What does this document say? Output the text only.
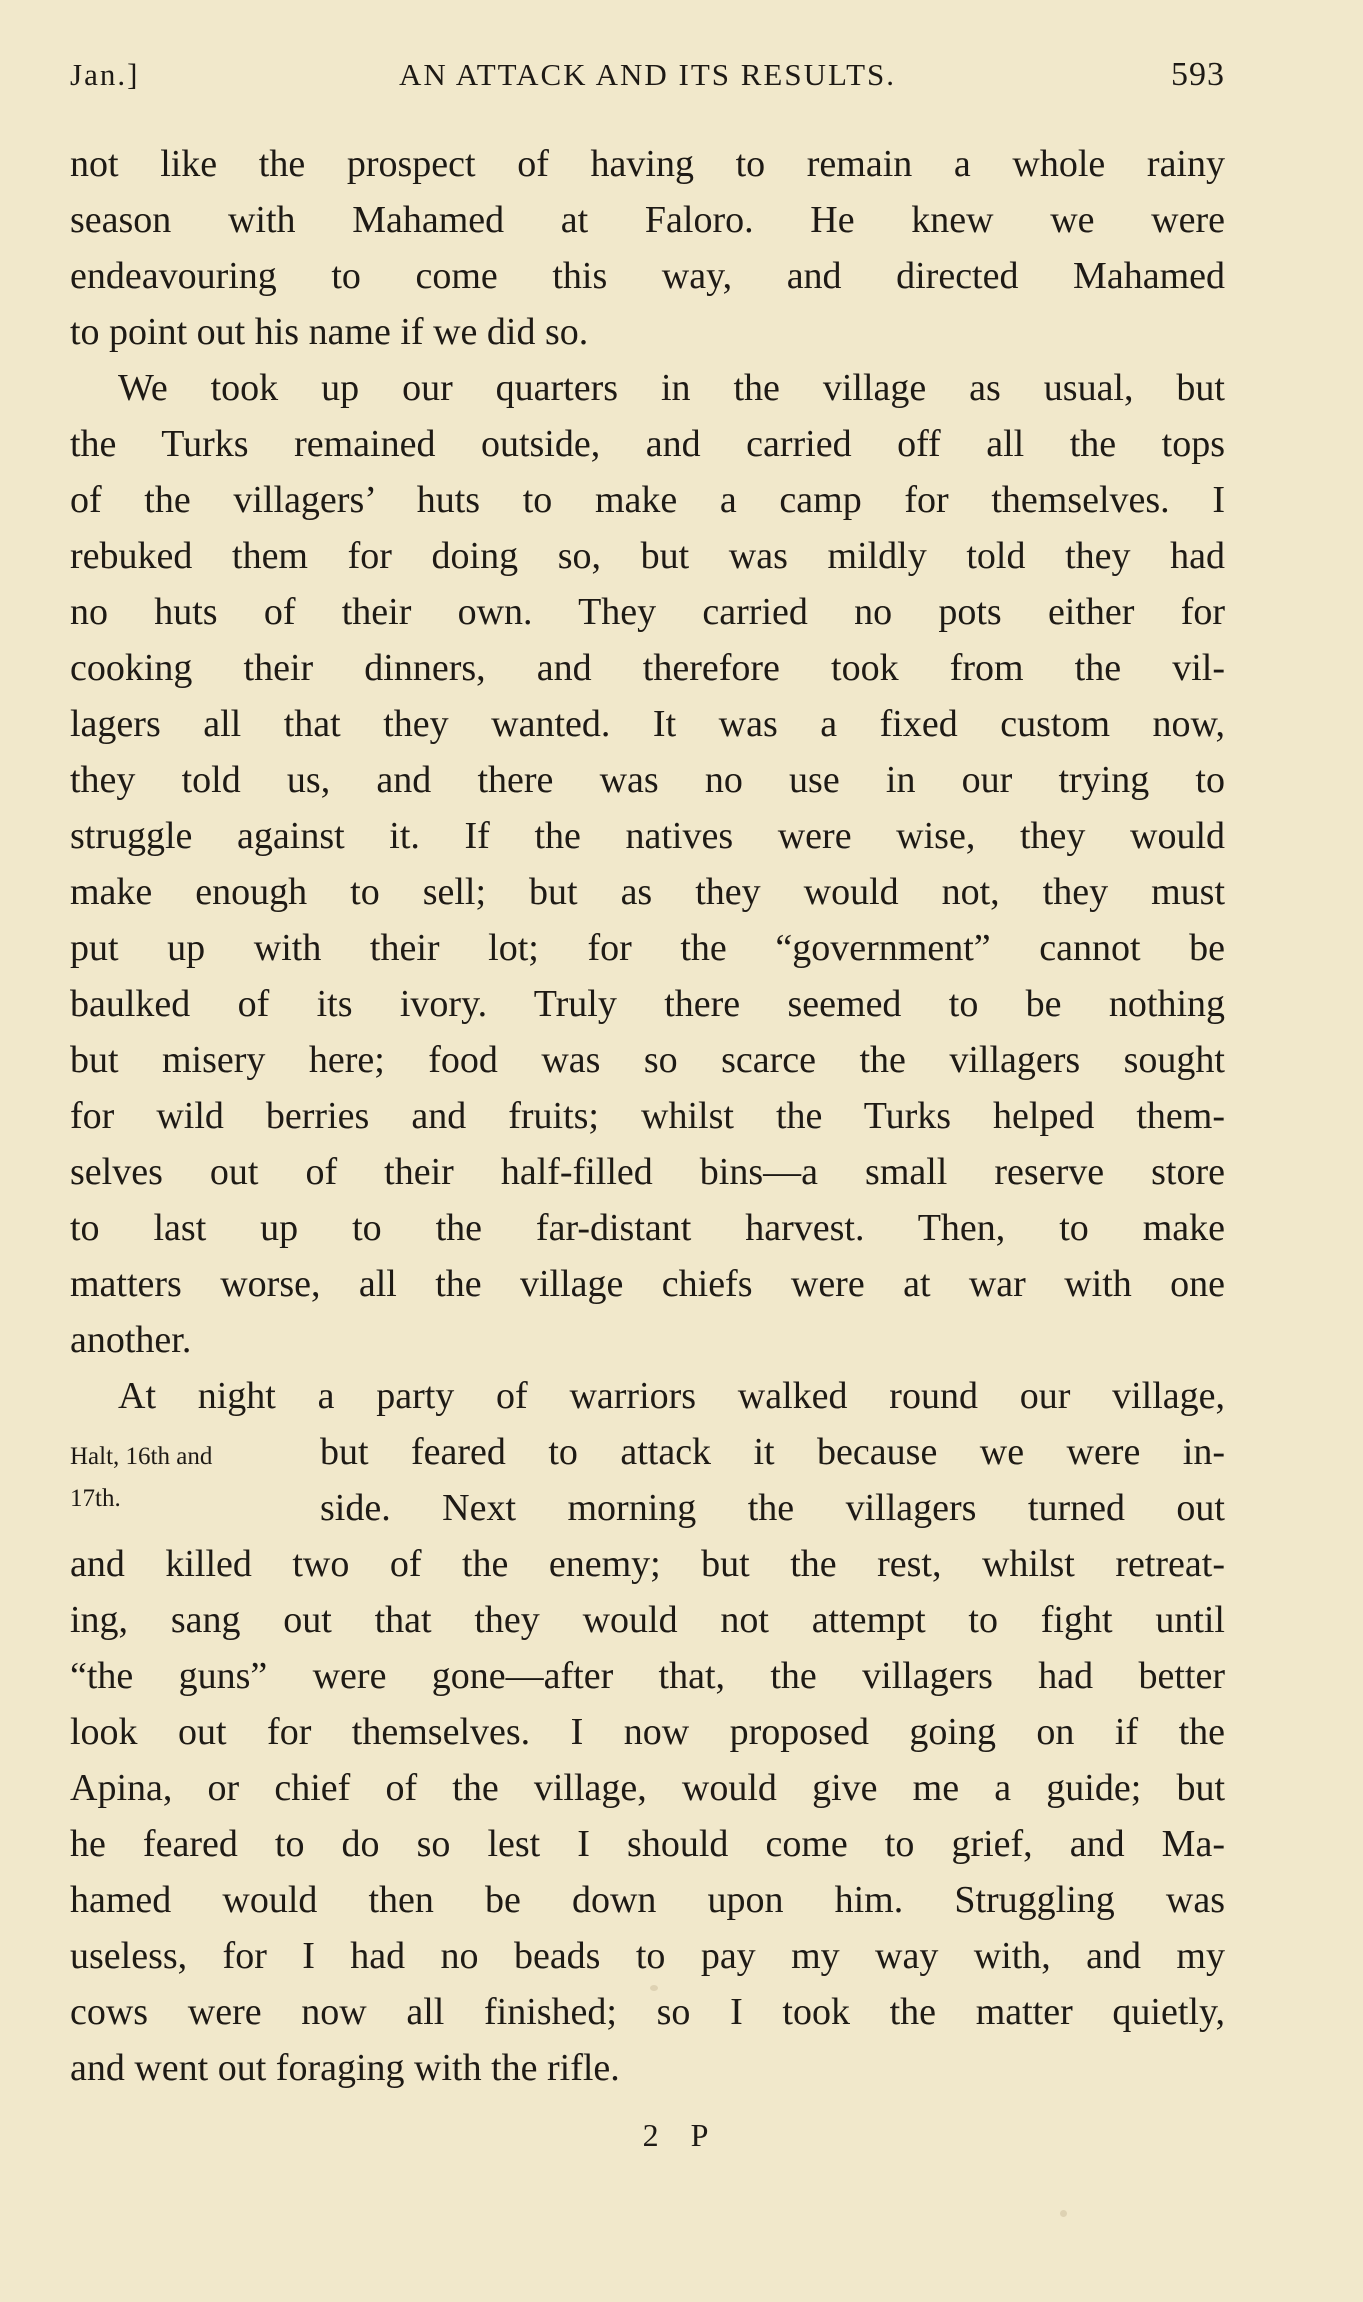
Jan.]	AN ATTACK AND ITS RESULTS.	593
not like the prospect of having to remain a whole rainy
season with Mahamed at Faloro. He knew we were
endeavouring to come this way, and directed Mahamed
to point out his name if we did so.
We took up our quarters in the village as usual, but
the Turks remained outside, and carried off all the tops
of the villagers’ huts to make a camp for themselves. I
rebuked them for doing so, but was mildly told they had
no huts of their own. They carried no pots either for
cooking their dinners, and therefore took from the vil-
lagers all that they wanted. It was a fixed custom now,
they told us, and there was no use in our trying to
struggle against it. If the natives were wise, they would
make enough to sell; but as they would not, they must
put up with their lot; for the “government” cannot be
baulked of its ivory. Truly there seemed to be nothing
but misery here; food was so scarce the villagers sought
for wild berries and fruits; whilst the Turks helped them-
selves out of their half-filled bins—a small reserve store
to last up to the far-distant harvest. Then, to make
matters worse, all the village chiefs were at war with one
another.
At night a party of warriors walked round our village,
but feared to attack it because we were in-
side. Next morning the villagers turned out
and killed two of the enemy; but the rest, whilst retreat-
ing, sang out that they would not attempt to fight until
“the guns” were gone—after that, the villagers had better
look out for themselves. I now proposed going on if the
Apina, or chief of the village, would give me a guide; but
he feared to do so lest I should come to grief, and Ma-
hamed would then be down upon him. Struggling was
useless, for I had no beads to pay my way with, and my
cows were now all finished; so I took the matter quietly,
and went out foraging with the rifle.
Halt, 16th and
17th.
2 P
